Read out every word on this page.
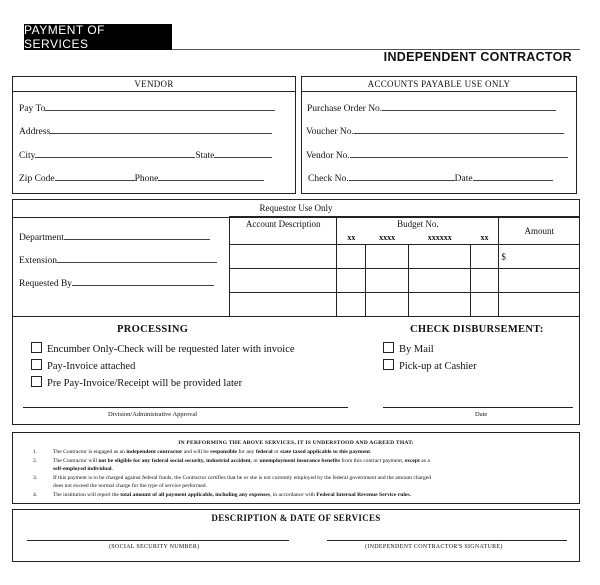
PAYMENT OF SERVICES
INDEPENDENT CONTRACTOR
VENDOR
Pay To
Address
City	State
Zip Code	Phone
ACCOUNTS PAYABLE USE ONLY
Purchase Order No.
Voucher No.
Vendor No.
Check No.	Date
Requestor Use Only
Department
Extension
Requested By
Account Description	Budget No.				Amount
	xx	xxxx	xxxxxx	xx	
					$

PROCESSING
Encumber Only-Check will be requested later with invoice
Pay-Invoice attached
Pre Pay-Invoice/Receipt will be provided later
CHECK DISBURSEMENT:
By Mail
Pick-up at Cashier
Division/Administrative Approval	Date
IN PERFORMING THE ABOVE SERVICES, IT IS UNDERSTOOD AND AGREED THAT:
1.	The Contractor is engaged as an independent contractor and will be responsible for any federal or state taxed applicable to this payment.
2.	The Contractor will not be eligible for any federal social security, industrial accident, or unemployment insurance benefits from this contract payment, except as a
self-employed individual.
3.	If this payment is to be charged against federal funds, the Contractor certifies that he or she is not currently employed by the federal government and the amount charged
does not exceed the normal charge for the type of service performed.
4.	The institution will report the total amount of all payment applicable, including any expenses, in accordance with Federal Internal Revenue Service rules.
DESCRIPTION & DATE OF SERVICES
(SOCIAL SECURITY NUMBER)	(INDEPENDENT CONTRACTOR'S SIGNATURE)
